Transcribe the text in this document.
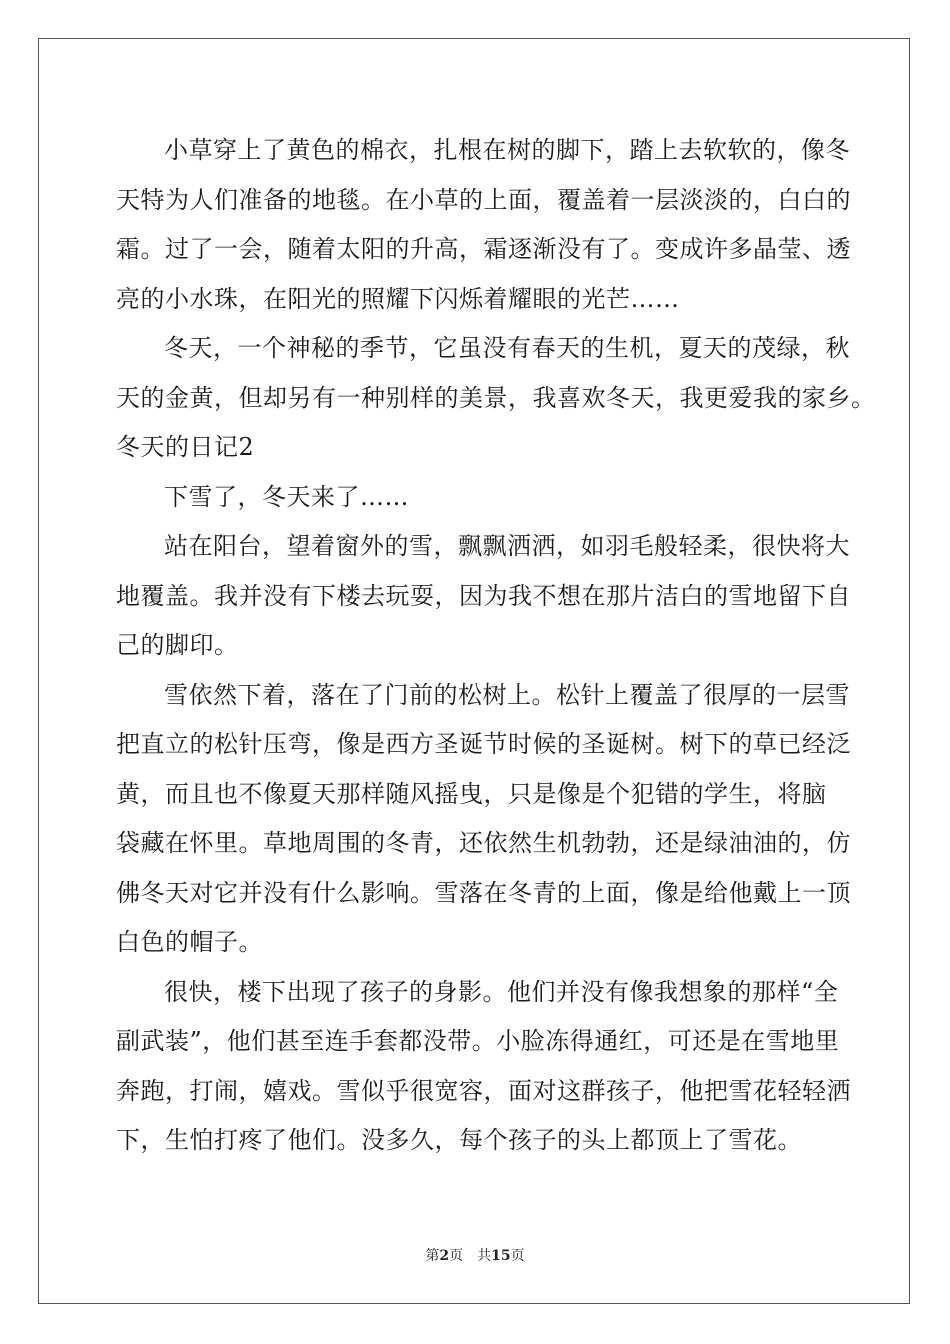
小草穿上了黄色的棉衣，扎根在树的脚下，踏上去软软的，像冬
天特为人们准备的地毯。在小草的上面，覆盖着一层淡淡的，白白的
霜。过了一会，随着太阳的升高，霜逐渐没有了。变成许多晶莹、透
亮的小水珠，在阳光的照耀下闪烁着耀眼的光芒……
冬天，一个神秘的季节，它虽没有春天的生机，夏天的茂绿，秋
天的金黄，但却另有一种别样的美景，我喜欢冬天，我更爱我的家乡。
冬天的日记2
下雪了，冬天来了……
站在阳台，望着窗外的雪，飘飘洒洒，如羽毛般轻柔，很快将大
地覆盖。我并没有下楼去玩耍，因为我不想在那片洁白的雪地留下自
己的脚印。
雪依然下着，落在了门前的松树上。松针上覆盖了很厚的一层雪
把直立的松针压弯，像是西方圣诞节时候的圣诞树。树下的草已经泛
黄，而且也不像夏天那样随风摇曳，只是像是个犯错的学生，将脑
袋藏在怀里。草地周围的冬青，还依然生机勃勃，还是绿油油的，仿
佛冬天对它并没有什么影响。雪落在冬青的上面，像是给他戴上一顶
白色的帽子。
很快，楼下出现了孩子的身影。他们并没有像我想象的那样“全
副武装”，他们甚至连手套都没带。小脸冻得通红，可还是在雪地里
奔跑，打闹，嬉戏。雪似乎很宽容，面对这群孩子，他把雪花轻轻洒
下，生怕打疼了他们。没多久，每个孩子的头上都顶上了雪花。
第2页　共15页
